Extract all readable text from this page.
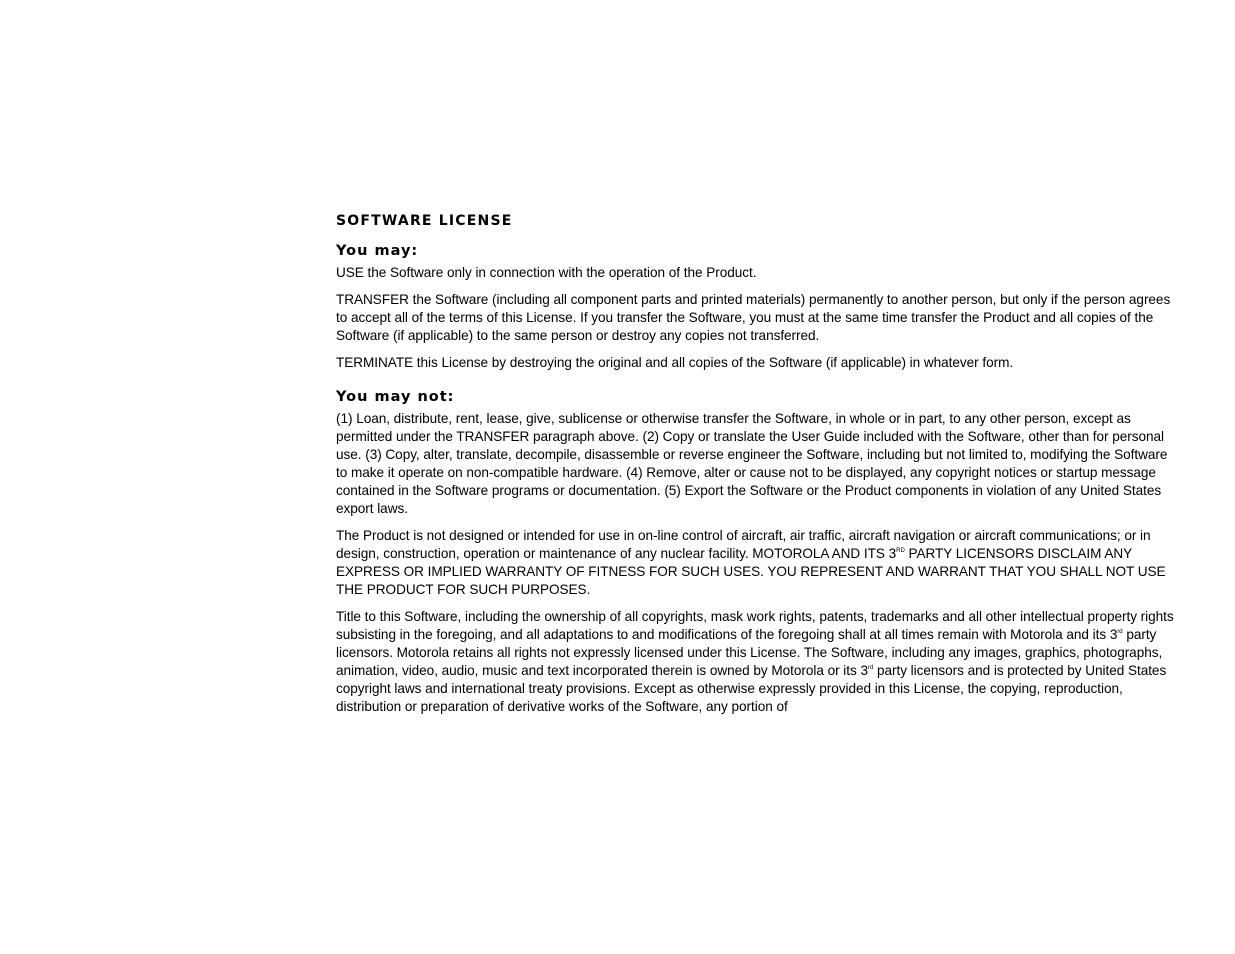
SOFTWARE LICENSE
You may:

USE the Software only in connection with the operation of the Product.

TRANSFER the Software (including all component parts and printed materials) permanently to another person, but only if the person agrees to accept all of the terms of this License. If you transfer the Software, you must at the same time transfer the Product and all copies of the Software (if applicable) to the same person or destroy any copies not transferred.

TERMINATE this License by destroying the original and all copies of the Software (if applicable) in whatever form.

You may not:

(1) Loan, distribute, rent, lease, give, sublicense or otherwise transfer the Software, in whole or in part, to any other person, except as permitted under the TRANSFER paragraph above. (2) Copy or translate the User Guide included with the Software, other than for personal use. (3) Copy, alter, translate, decompile, disassemble or reverse engineer the Software, including but not limited to, modifying the Software to make it operate on non-compatible hardware. (4) Remove, alter or cause not to be displayed, any copyright notices or startup message contained in the Software programs or documentation. (5) Export the Software or the Product components in violation of any United States export laws.

The Product is not designed or intended for use in on-line control of aircraft, air traffic, aircraft navigation or aircraft communications; or in design, construction, operation or maintenance of any nuclear facility. MOTOROLA AND ITS 3RD PARTY LICENSORS DISCLAIM ANY EXPRESS OR IMPLIED WARRANTY OF FITNESS FOR SUCH USES. YOU REPRESENT AND WARRANT THAT YOU SHALL NOT USE THE PRODUCT FOR SUCH PURPOSES.

Title to this Software, including the ownership of all copyrights, mask work rights, patents, trademarks and all other intellectual property rights subsisting in the foregoing, and all adaptations to and modifications of the foregoing shall at all times remain with Motorola and its 3rd party licensors. Motorola retains all rights not expressly licensed under this License. The Software, including any images, graphics, photographs, animation, video, audio, music and text incorporated therein is owned by Motorola or its 3rd party licensors and is protected by United States copyright laws and international treaty provisions. Except as otherwise expressly provided in this License, the copying, reproduction, distribution or preparation of derivative works of the Software, any portion of
